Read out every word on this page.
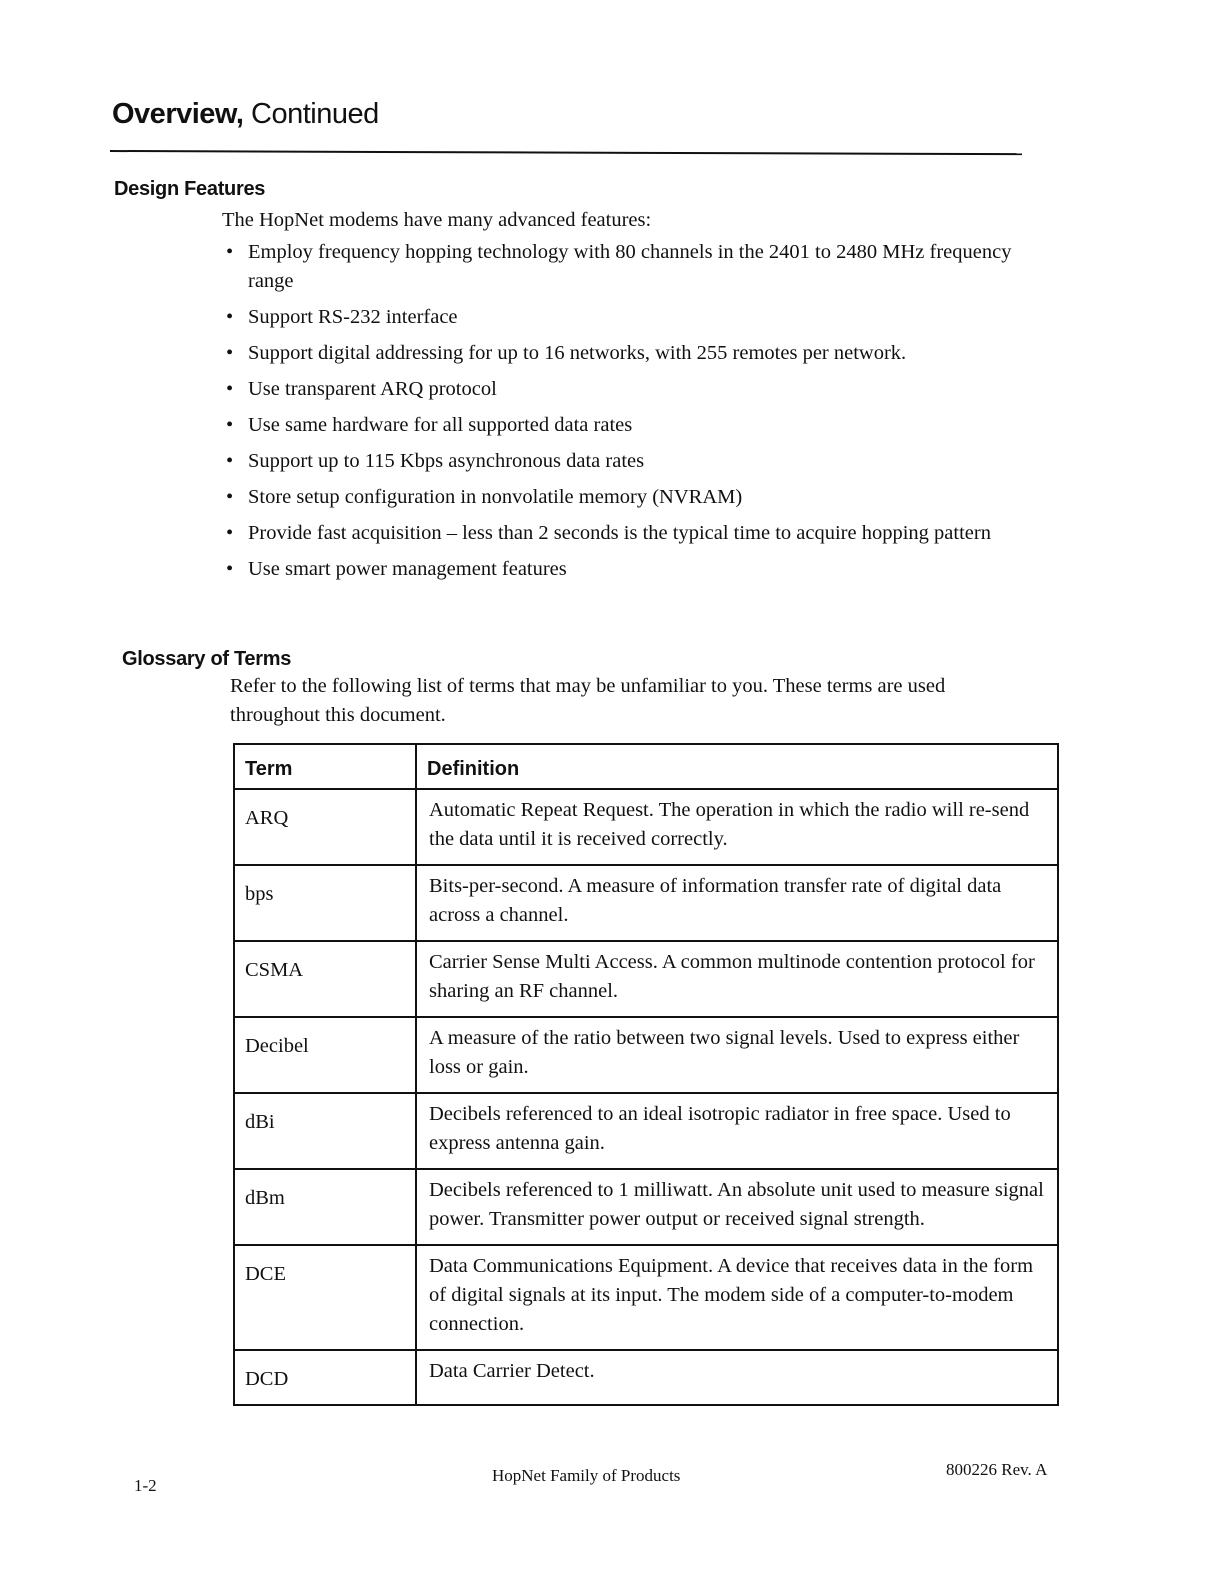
Overview, Continued
Design Features
The HopNet modems have many advanced features:
• Employ frequency hopping technology with 80 channels in the 2401 to 2480 MHz frequency range
• Support RS-232 interface
• Support digital addressing for up to 16 networks, with 255 remotes per network.
• Use transparent ARQ protocol
• Use same hardware for all supported data rates
• Support up to 115 Kbps asynchronous data rates
• Store setup configuration in nonvolatile memory (NVRAM)
• Provide fast acquisition – less than 2 seconds is the typical time to acquire hopping pattern
• Use smart power management features
Glossary of Terms
Refer to the following list of terms that may be unfamiliar to you. These terms are used throughout this document.
Term	Definition
ARQ	Automatic Repeat Request. The operation in which the radio will re-send the data until it is received correctly.
bps	Bits-per-second. A measure of information transfer rate of digital data across a channel.
CSMA	Carrier Sense Multi Access. A common multinode contention protocol for sharing an RF channel.
Decibel	A measure of the ratio between two signal levels. Used to express either loss or gain.
dBi	Decibels referenced to an ideal isotropic radiator in free space. Used to express antenna gain.
dBm	Decibels referenced to 1 milliwatt. An absolute unit used to measure signal power. Transmitter power output or received signal strength.
DCE	Data Communications Equipment. A device that receives data in the form of digital signals at its input. The modem side of a computer-to-modem connection.
DCD	Data Carrier Detect.
1-2
HopNet Family of Products	800226 Rev. A
